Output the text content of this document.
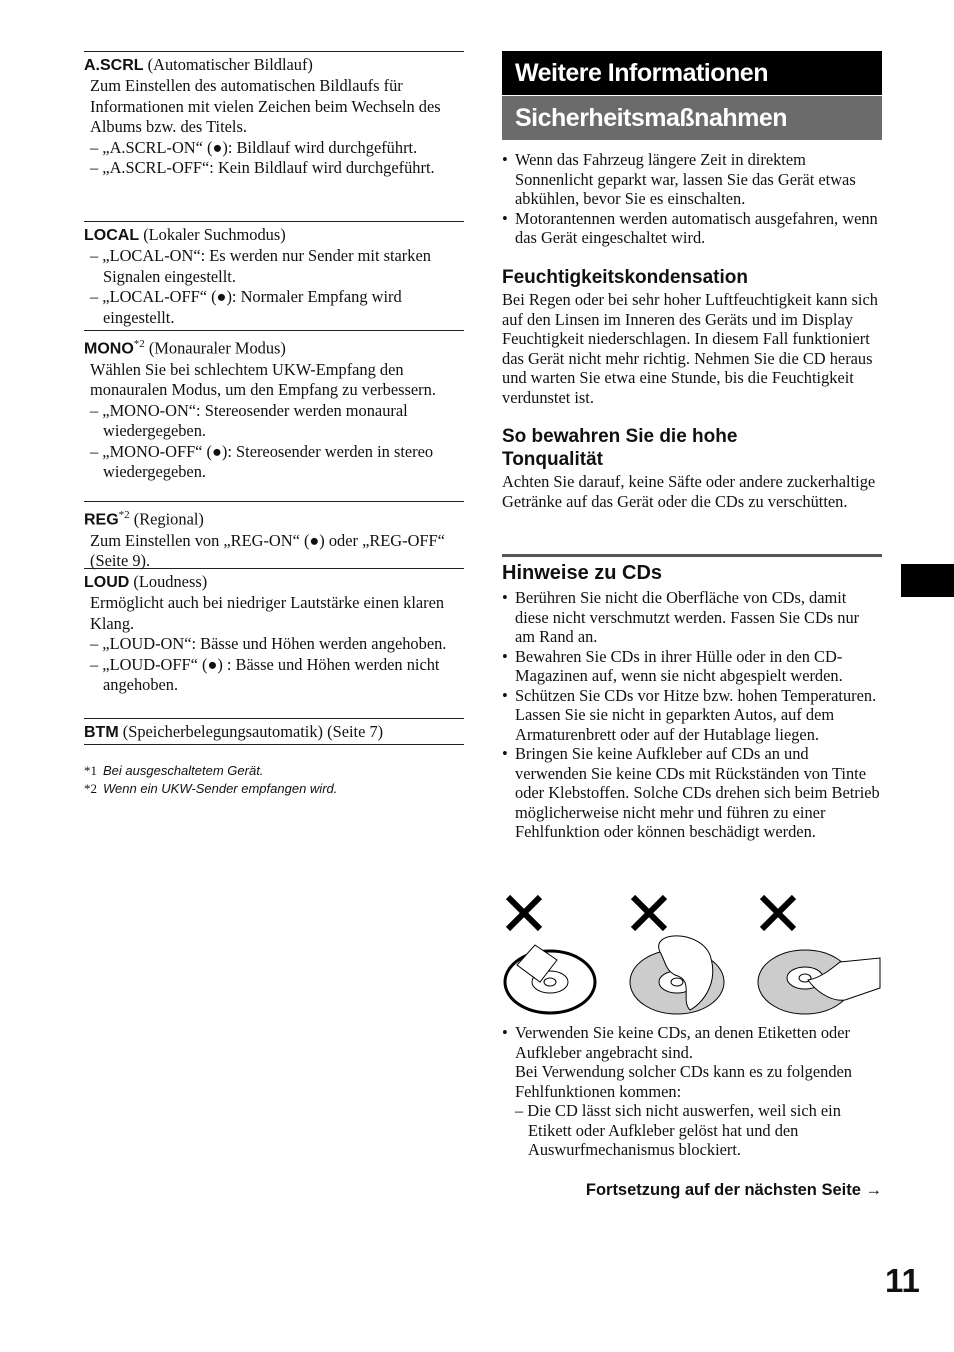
A.SCRL (Automatischer Bildlauf)
Zum Einstellen des automatischen Bildlaufs für Informationen mit vielen Zeichen beim Wechseln des Albums bzw. des Titels.
– „A.SCRL-ON“ (●): Bildlauf wird durchgeführt.
– „A.SCRL-OFF“: Kein Bildlauf wird durchgeführt.
LOCAL (Lokaler Suchmodus)
– „LOCAL-ON“: Es werden nur Sender mit starken Signalen eingestellt.
– „LOCAL-OFF“ (●): Normaler Empfang wird eingestellt.
MONO$^{*2}$ (Monauraler Modus)
Wählen Sie bei schlechtem UKW-Empfang den monauralen Modus, um den Empfang zu verbessern.
– „MONO-ON“: Stereosender werden monaural wiedergegeben.
– „MONO-OFF“ (●): Stereosender werden in stereo wiedergegeben.
REG$^{*2}$ (Regional)
Zum Einstellen von „REG-ON“ (●) oder „REG-OFF“ (Seite 9).
LOUD (Loudness)
Ermöglicht auch bei niedriger Lautstärke einen klaren Klang.
– „LOUD-ON“: Bässe und Höhen werden angehoben.
– „LOUD-OFF“ (●) : Bässe und Höhen werden nicht angehoben.
BTM (Speicherbelegungsautomatik) (Seite 7)
*1 Bei ausgeschaltetem Gerät.
*2 Wenn ein UKW-Sender empfangen wird.
Weitere Informationen
Sicherheitsmaßnahmen
• Wenn das Fahrzeug längere Zeit in direktem Sonnenlicht geparkt war, lassen Sie das Gerät etwas abkühlen, bevor Sie es einschalten.
• Motorantennen werden automatisch ausgefahren, wenn das Gerät eingeschaltet wird.
Feuchtigkeitskondensation
Bei Regen oder bei sehr hoher Luftfeuchtigkeit kann sich auf den Linsen im Inneren des Geräts und im Display Feuchtigkeit niederschlagen. In diesem Fall funktioniert das Gerät nicht mehr richtig. Nehmen Sie die CD heraus und warten Sie etwa eine Stunde, bis die Feuchtigkeit verdunstet ist.
So bewahren Sie die hohe Tonqualität
Achten Sie darauf, keine Säfte oder andere zuckerhaltige Getränke auf das Gerät oder die CDs zu verschütten.
Hinweise zu CDs
• Berühren Sie nicht die Oberfläche von CDs, damit diese nicht verschmutzt werden. Fassen Sie CDs nur am Rand an.
• Bewahren Sie CDs in ihrer Hülle oder in den CD-Magazinen auf, wenn sie nicht abgespielt werden.
• Schützen Sie CDs vor Hitze bzw. hohen Temperaturen. Lassen Sie sie nicht in geparkten Autos, auf dem Armaturenbrett oder auf der Hutablage liegen.
• Bringen Sie keine Aufkleber auf CDs an und verwenden Sie keine CDs mit Rückständen von Tinte oder Klebstoffen. Solche CDs drehen sich beim Betrieb möglicherweise nicht mehr und führen zu einer Fehlfunktion oder können beschädigt werden.
• Verwenden Sie keine CDs, an denen Etiketten oder Aufkleber angebracht sind.
Bei Verwendung solcher CDs kann es zu folgenden Fehlfunktionen kommen:
– Die CD lässt sich nicht auswerfen, weil sich ein Etikett oder Aufkleber gelöst hat und den Auswurfmechanismus blockiert.
Fortsetzung auf der nächsten Seite →
11
